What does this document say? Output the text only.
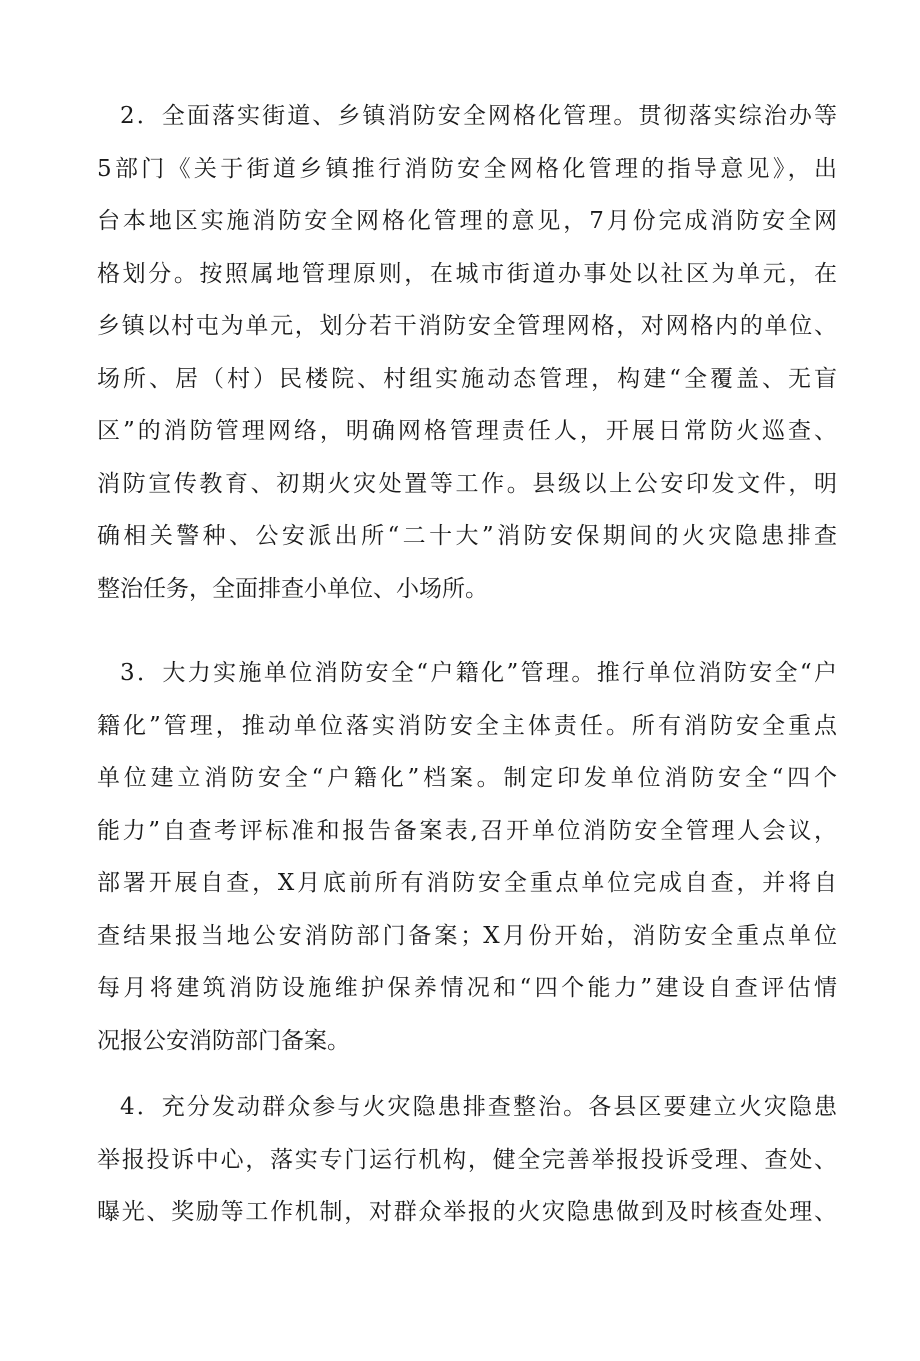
2．全面落实街道、乡镇消防安全网格化管理。贯彻落实综治办等
5部门《关于街道乡镇推行消防安全网格化管理的指导意见》，出
台本地区实施消防安全网格化管理的意见，7月份完成消防安全网
格划分。按照属地管理原则，在城市街道办事处以社区为单元，在
乡镇以村屯为单元，划分若干消防安全管理网格，对网格内的单位、
场所、居（村）民楼院、村组实施动态管理，构建“全覆盖、无盲
区”的消防管理网络，明确网格管理责任人，开展日常防火巡查、
消防宣传教育、初期火灾处置等工作。县级以上公安印发文件，明
确相关警种、公安派出所“二十大”消防安保期间的火灾隐患排查
整治任务，全面排查小单位、小场所。
3．大力实施单位消防安全“户籍化”管理。推行单位消防安全“户
籍化”管理，推动单位落实消防安全主体责任。所有消防安全重点
单位建立消防安全“户籍化”档案。制定印发单位消防安全“四个
能力”自查考评标准和报告备案表,召开单位消防安全管理人会议，
部署开展自查，X月底前所有消防安全重点单位完成自查，并将自
查结果报当地公安消防部门备案；X月份开始，消防安全重点单位
每月将建筑消防设施维护保养情况和“四个能力”建设自查评估情
况报公安消防部门备案。
4．充分发动群众参与火灾隐患排查整治。各县区要建立火灾隐患
举报投诉中心，落实专门运行机构，健全完善举报投诉受理、查处、
曝光、奖励等工作机制，对群众举报的火灾隐患做到及时核查处理、
